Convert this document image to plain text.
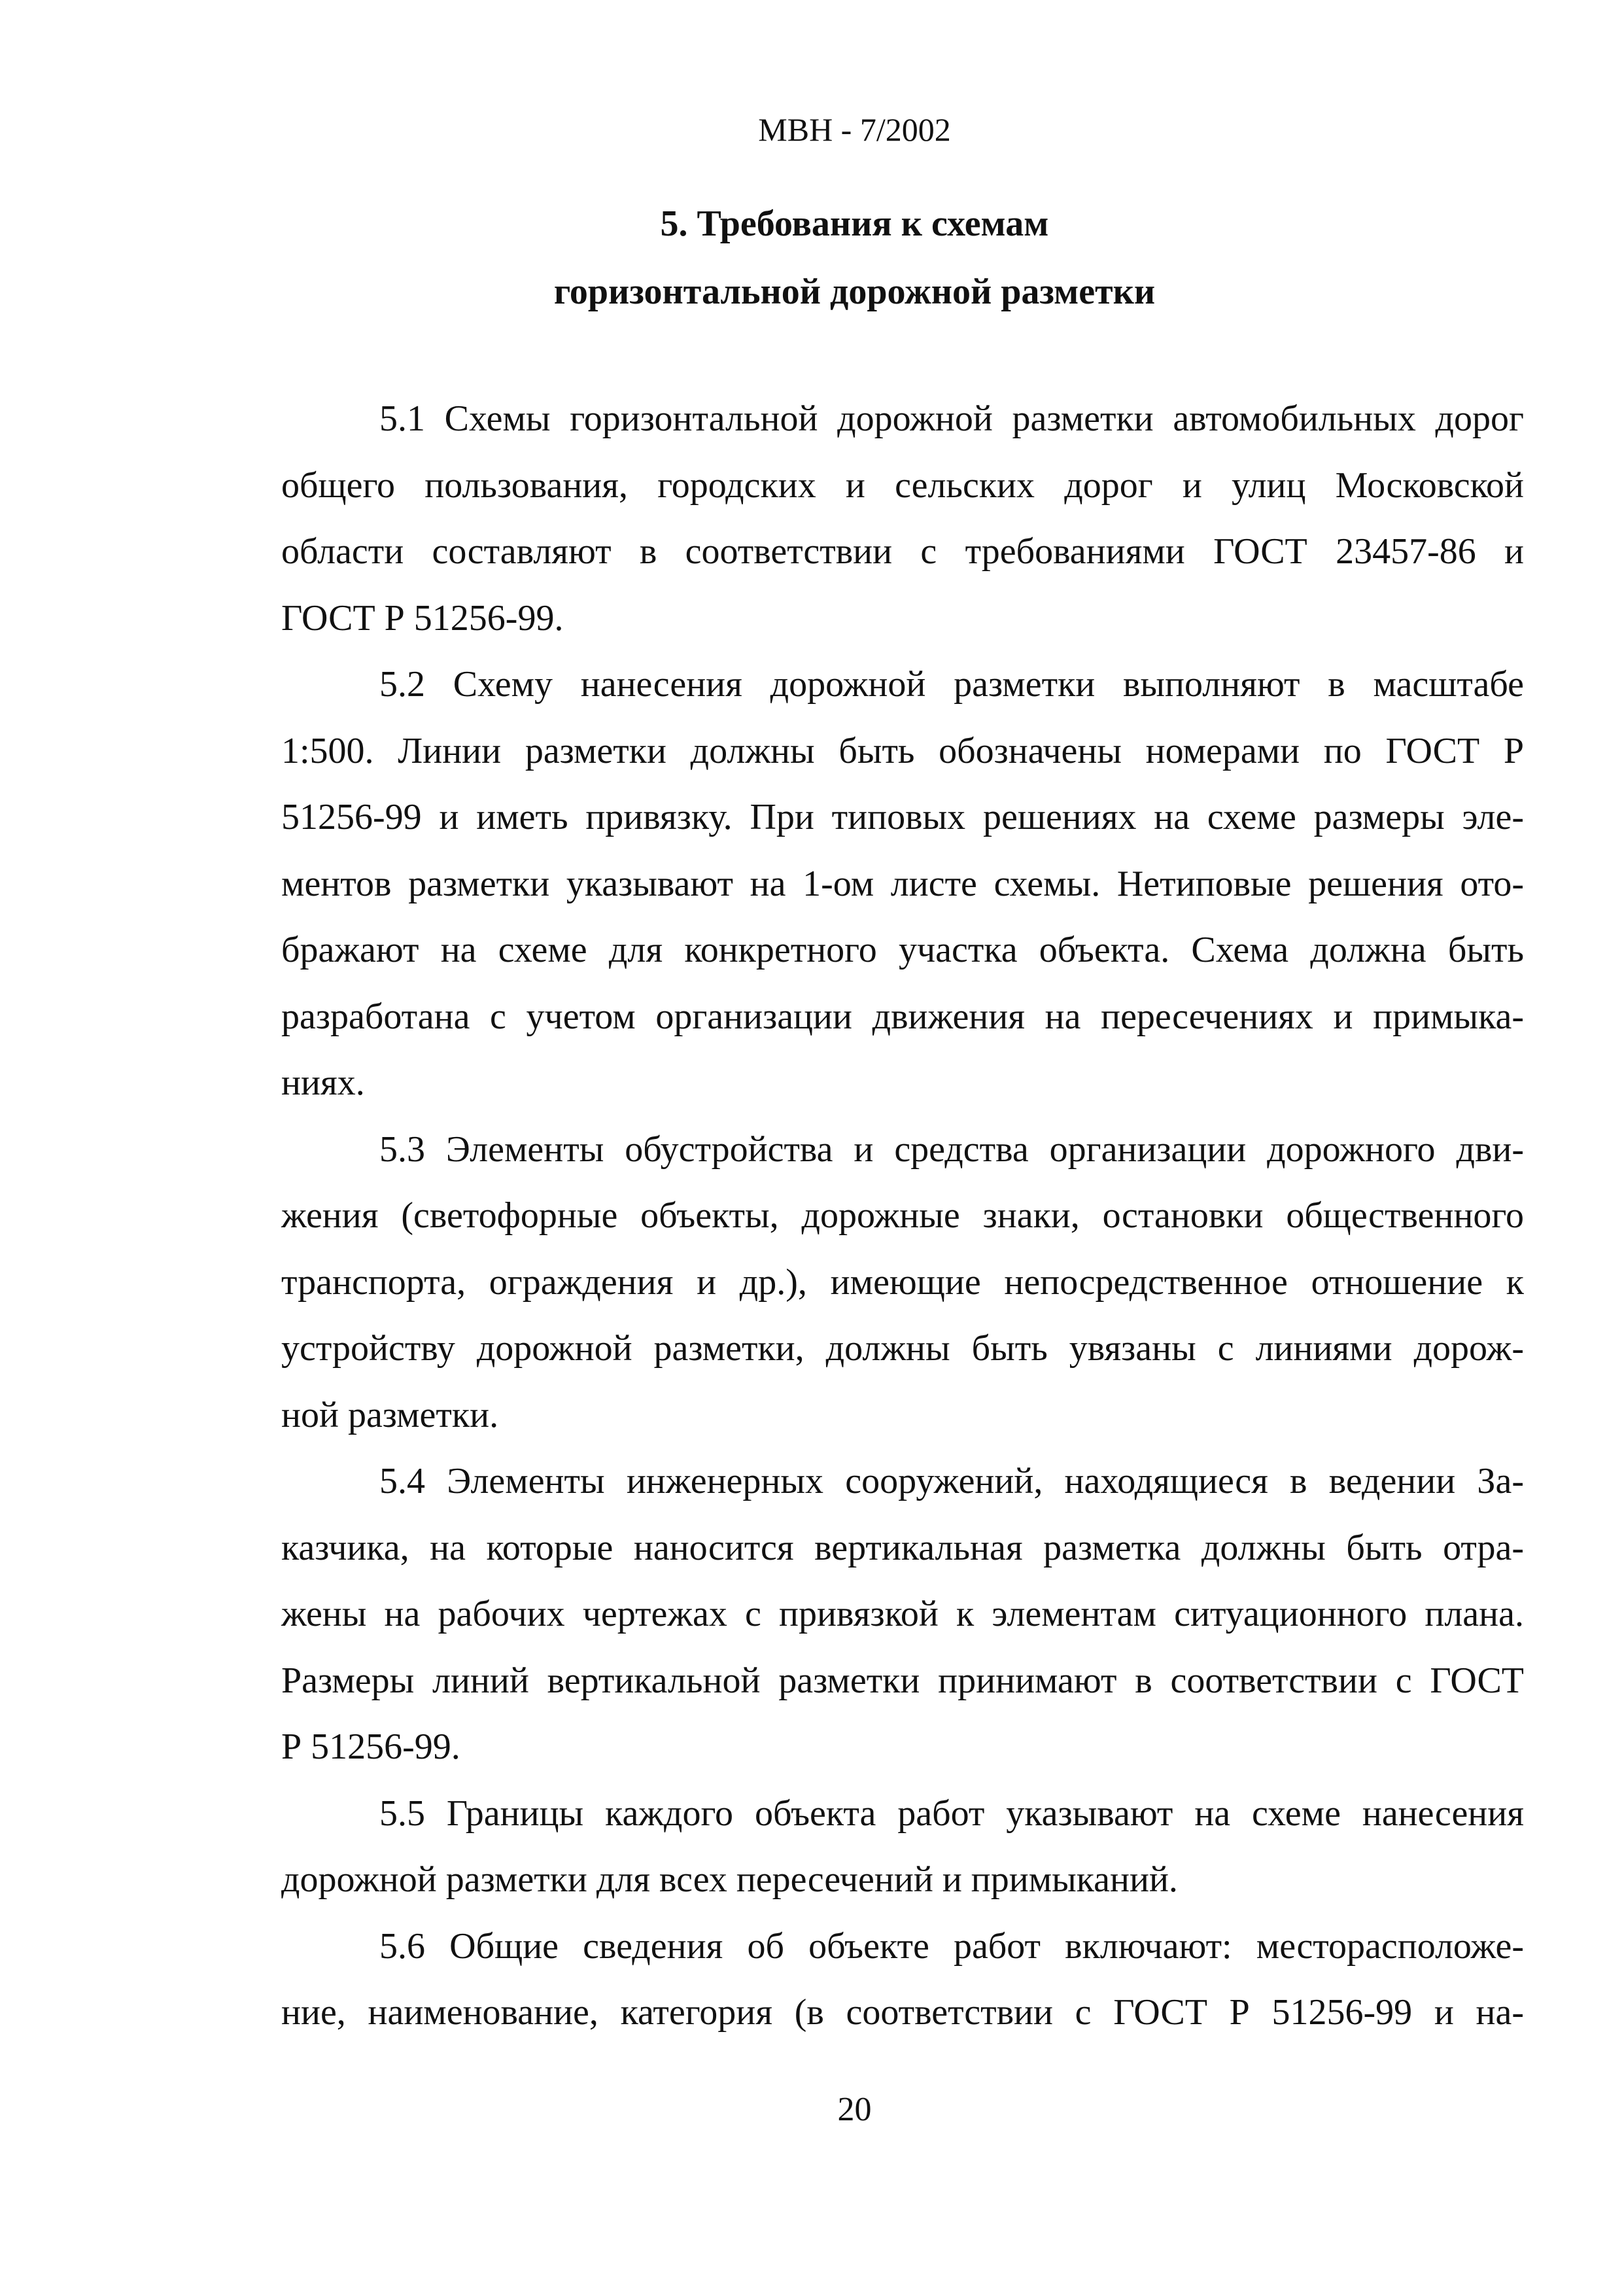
МВН - 7/2002
5. Требования к схемам
горизонтальной дорожной разметки
5.1 Схемы горизонтальной дорожной разметки автомобильных дорог
общего пользования, городских и сельских дорог и улиц Московской
области составляют в соответствии с требованиями ГОСТ 23457-86 и
ГОСТ Р 51256-99.
5.2 Схему нанесения дорожной разметки выполняют в масштабе
1:500. Линии разметки должны быть обозначены номерами по ГОСТ Р
51256-99 и иметь привязку. При типовых решениях на схеме размеры эле-
ментов разметки указывают на 1-ом листе схемы. Нетиповые решения ото-
бражают на схеме для конкретного участка объекта. Схема должна быть
разработана с учетом организации движения на пересечениях и примыка-
ниях.
5.3 Элементы обустройства и средства организации дорожного дви-
жения (светофорные объекты, дорожные знаки, остановки общественного
транспорта, ограждения и др.), имеющие непосредственное отношение к
устройству дорожной разметки, должны быть увязаны с линиями дорож-
ной разметки.
5.4 Элементы инженерных сооружений, находящиеся в ведении За-
казчика, на которые наносится вертикальная разметка должны быть отра-
жены на рабочих чертежах с привязкой к элементам ситуационного плана.
Размеры линий вертикальной разметки принимают в соответствии с ГОСТ
Р 51256-99.
5.5 Границы каждого объекта работ указывают на схеме нанесения
дорожной разметки для всех пересечений и примыканий.
5.6 Общие сведения об объекте работ включают: месторасположе-
ние, наименование, категория (в соответствии с ГОСТ Р 51256-99 и на-
20
